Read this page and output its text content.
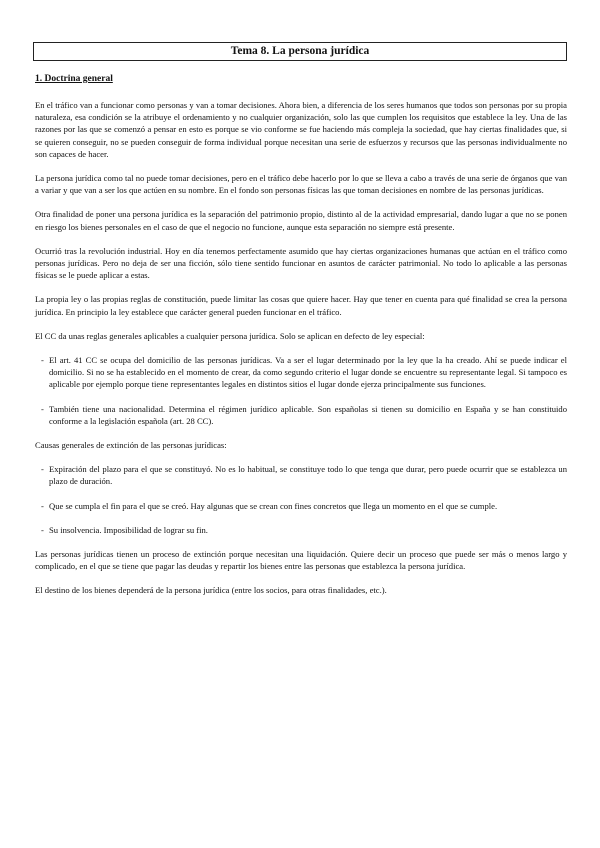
Tema 8. La persona jurídica
1. Doctrina general

En el tráfico van a funcionar como personas y van a tomar decisiones. Ahora bien, a diferencia de los seres humanos que todos son personas por su propia naturaleza, esa condición se la atribuye el ordenamiento y no cualquier organización, solo las que cumplen los requisitos que establece la ley. Una de las razones por las que se comenzó a pensar en esto es porque se vio conforme se fue haciendo más compleja la sociedad, que hay ciertas finalidades que, si se quieren conseguir, no se pueden conseguir de forma individual porque necesitan una serie de esfuerzos y recursos que las personas individualmente no son capaces de hacer.

La persona jurídica como tal no puede tomar decisiones, pero en el tráfico debe hacerlo por lo que se lleva a cabo a través de una serie de órganos que van a variar y que van a ser los que actúen en su nombre. En el fondo son personas físicas las que toman decisiones en nombre de las personas jurídicas.

Otra finalidad de poner una persona jurídica es la separación del patrimonio propio, distinto al de la actividad empresarial, dando lugar a que no se ponen en riesgo los bienes personales en el caso de que el negocio no funcione, aunque esta separación no siempre está presente.

Ocurrió tras la revolución industrial. Hoy en día tenemos perfectamente asumido que hay ciertas organizaciones humanas que actúan en el tráfico como personas jurídicas. Pero no deja de ser una ficción, sólo tiene sentido funcionar en asuntos de carácter patrimonial. No todo lo aplicable a las personas físicas se le puede aplicar a estas.

La propia ley o las propias reglas de constitución, puede limitar las cosas que quiere hacer. Hay que tener en cuenta para qué finalidad se crea la persona jurídica. En principio la ley establece que carácter general pueden funcionar en el tráfico.

El CC da unas reglas generales aplicables a cualquier persona jurídica. Solo se aplican en defecto de ley especial:

- El art. 41 CC se ocupa del domicilio de las personas jurídicas. Va a ser el lugar determinado por la ley que la ha creado. Ahí se puede indicar el domicilio. Si no se ha establecido en el momento de crear, da como segundo criterio el lugar donde se encuentre su representante legal. Si tampoco es aplicable por ejemplo porque tiene representantes legales en distintos sitios el lugar donde ejerza principalmente sus funciones.
- También tiene una nacionalidad. Determina el régimen jurídico aplicable. Son españolas si tienen su domicilio en España y se han constituido conforme a la legislación española (art. 28 CC).

Causas generales de extinción de las personas jurídicas:

- Expiración del plazo para el que se constituyó. No es lo habitual, se constituye todo lo que tenga que durar, pero puede ocurrir que se establezca un plazo de duración.
- Que se cumpla el fin para el que se creó. Hay algunas que se crean con fines concretos que llega un momento en el que se cumple.
- Su insolvencia. Imposibilidad de lograr su fin.

Las personas jurídicas tienen un proceso de extinción porque necesitan una liquidación. Quiere decir un proceso que puede ser más o menos largo y complicado, en el que se tiene que pagar las deudas y repartir los bienes entre las personas que establezca la persona jurídica.

El destino de los bienes dependerá de la persona jurídica (entre los socios, para otras finalidades, etc.).
